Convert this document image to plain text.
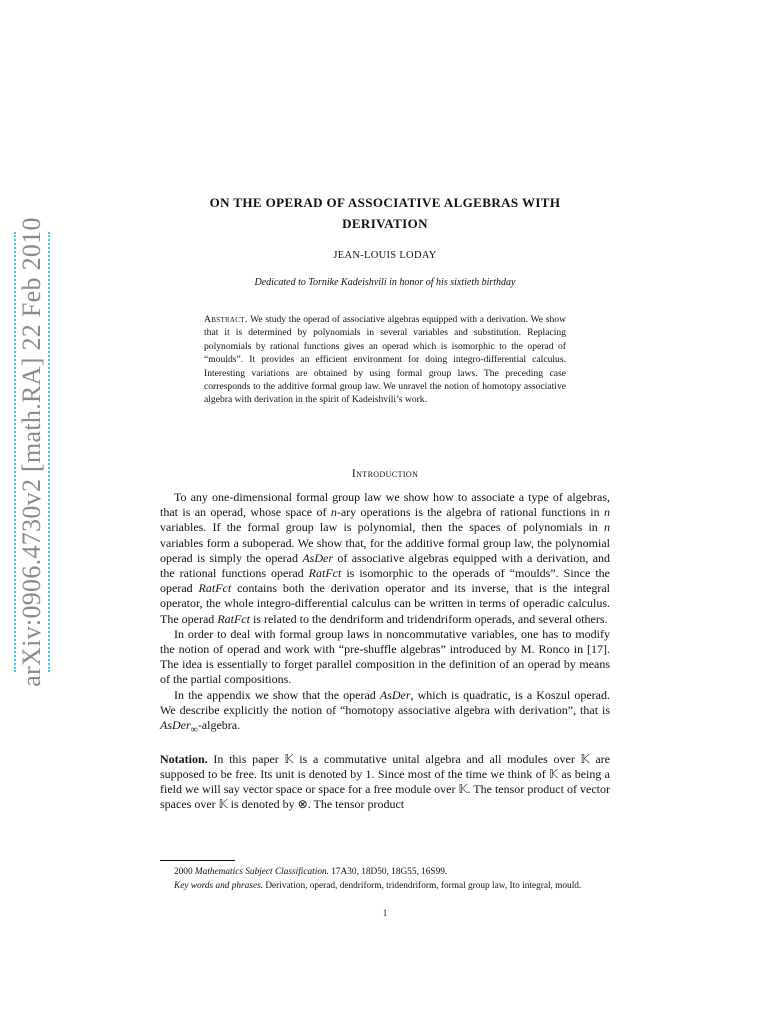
arXiv:0906.4730v2 [math.RA] 22 Feb 2010
ON THE OPERAD OF ASSOCIATIVE ALGEBRAS WITH
DERIVATION
JEAN-LOUIS LODAY
Dedicated to Tornike Kadeishvili in honor of his sixtieth birthday

Abstract. We study the operad of associative algebras equipped with a derivation. We show that it is determined by polynomials in several variables and substitution. Replacing polynomials by rational functions gives an operad which is isomorphic to the operad of “moulds”. It provides an efficient environment for doing integro-differential calculus. Interesting variations are obtained by using formal group laws. The preceding case corresponds to the additive formal group law. We unravel the notion of homotopy associative algebra with derivation in the spirit of Kadeishvili’s work.

Introduction

To any one-dimensional formal group law we show how to associate a type of algebras, that is an operad, whose space of n-ary operations is the algebra of rational functions in n variables. If the formal group law is polynomial, then the spaces of polynomials in n variables form a suboperad. We show that, for the additive formal group law, the polynomial operad is simply the operad AsDer of associative algebras equipped with a derivation, and the rational functions operad RatFct is isomorphic to the operads of “moulds”. Since the operad RatFct contains both the derivation operator and its inverse, that is the integral operator, the whole integro-differential calculus can be written in terms of operadic calculus. The operad RatFct is related to the dendriform and tridendriform operads, and several others.

In order to deal with formal group laws in noncommutative variables, one has to modify the notion of operad and work with “pre-shuffle algebras” introduced by M. Ronco in [17]. The idea is essentially to forget parallel composition in the definition of an operad by means of the partial compositions.

In the appendix we show that the operad AsDer, which is quadratic, is a Koszul operad. We describe explicitly the notion of “homotopy associative algebra with derivation”, that is AsDer$_\infty$-algebra.

Notation. In this paper 𝕂 is a commutative unital algebra and all modules over 𝕂 are supposed to be free. Its unit is denoted by 1. Since most of the time we think of 𝕂 as being a field we will say vector space or space for a free module over 𝕂. The tensor product of vector spaces over 𝕂 is denoted by ⊗. The tensor product

2000 Mathematics Subject Classification. 17A30, 18D50, 18G55, 16S99.

Key words and phrases. Derivation, operad, dendriform, tridendriform, formal group law, Ito integral, mould.

1
